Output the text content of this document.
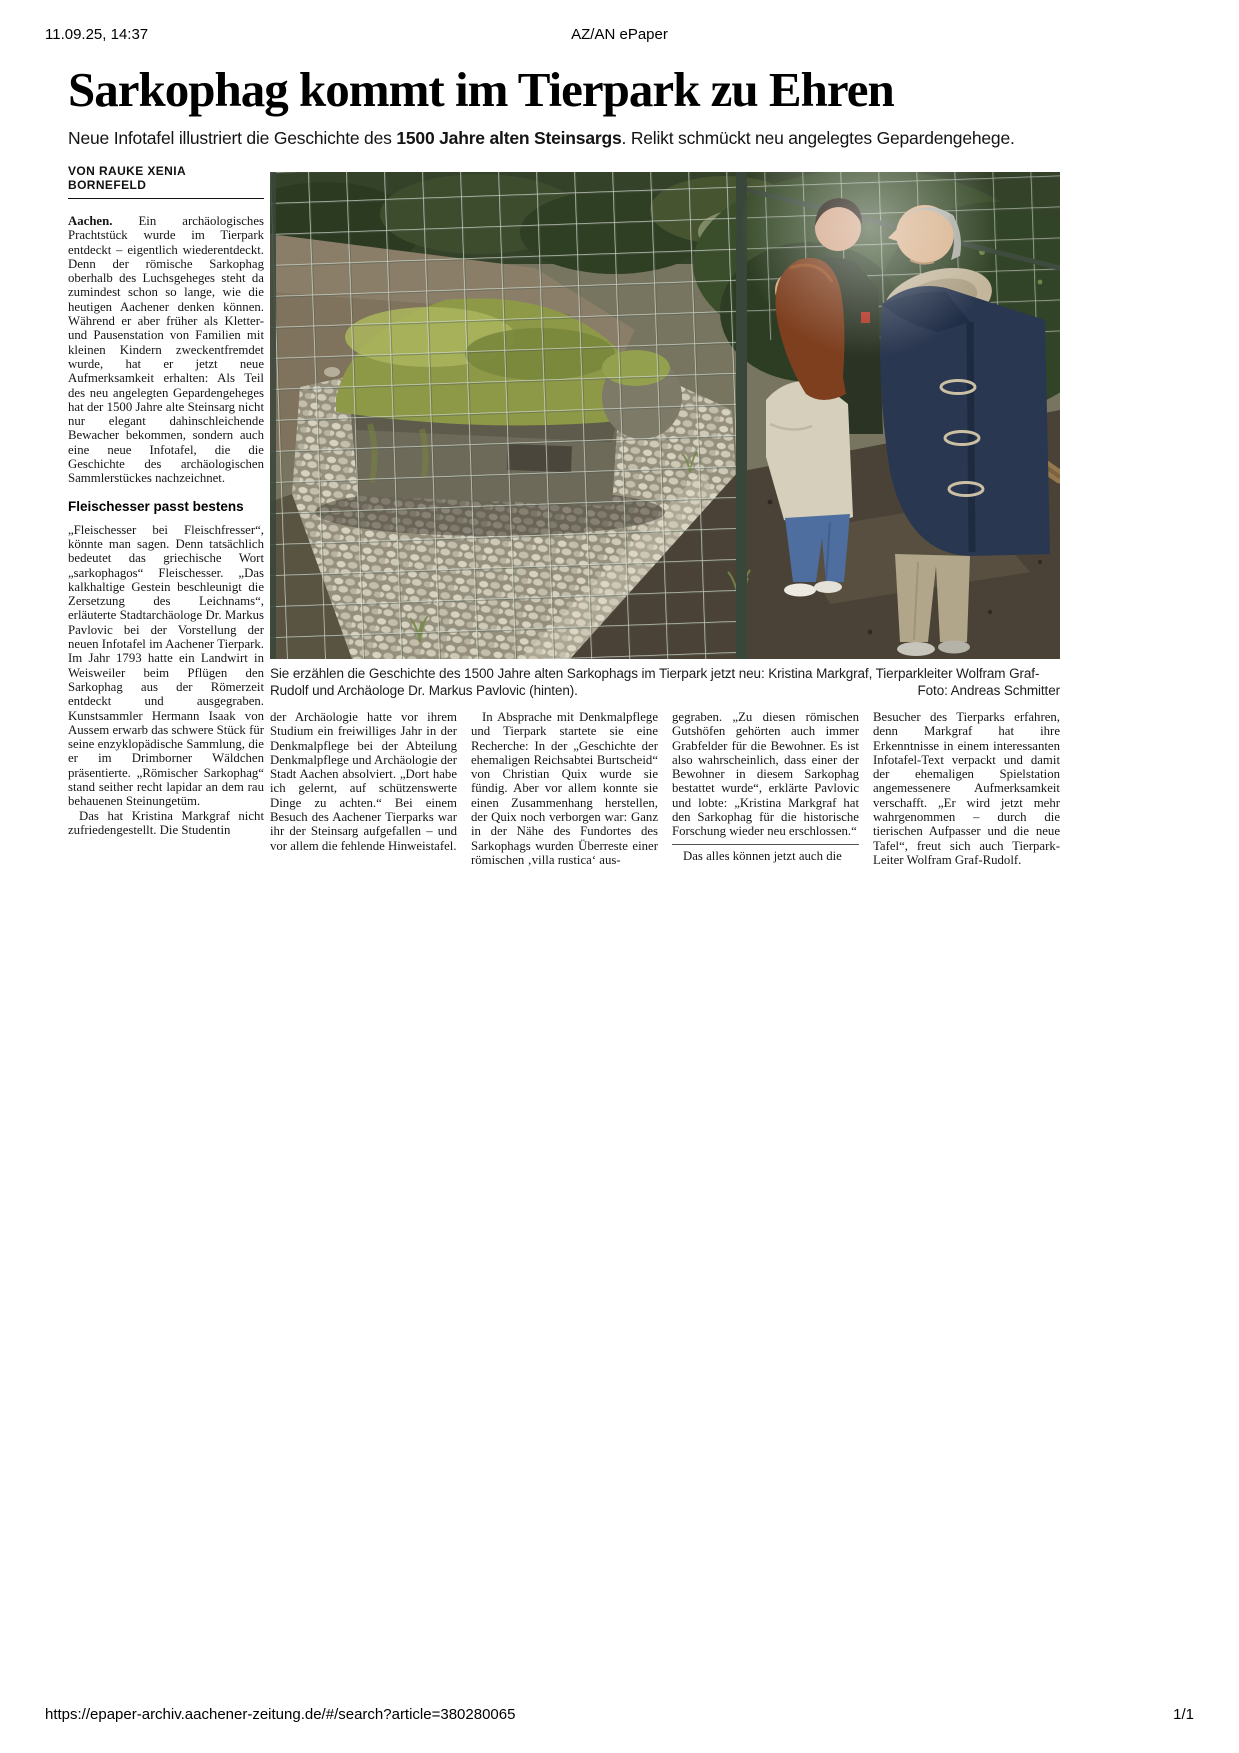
11.09.25, 14:37	AZ/AN ePaper
Sarkophag kommt im Tierpark zu Ehren

Neue Infotafel illustriert die Geschichte des 1500 Jahre alten Steinsargs. Relikt schmückt neu angelegtes Gepardengehege.

VON RAUKE XENIA BORNEFELD

Aachen. Ein archäologisches Prachtstück wurde im Tierpark entdeckt – eigentlich wiederentdeckt. Denn der römische Sarkophag oberhalb des Luchsgeheges steht da zumindest schon so lange, wie die heutigen Aachener denken können. Während er aber früher als Kletter- und Pausenstation von Familien mit kleinen Kindern zweckentfremdet wurde, hat er jetzt neue Aufmerksamkeit erhalten: Als Teil des neu angelegten Gepardengeheges hat der 1500 Jahre alte Steinsarg nicht nur elegant dahinschleichende Bewacher bekommen, sondern auch eine neue Infotafel, die die Geschichte des archäologischen Sammlerstückes nachzeichnet.

Fleischesser passt bestens

„Fleischesser bei Fleischfresser“, könnte man sagen. Denn tatsächlich bedeutet das griechische Wort „sarkophagos“ Fleischesser. „Das kalkhaltige Gestein beschleunigt die Zersetzung des Leichnams“, erläuterte Stadtarchäologe Dr. Markus Pavlovic bei der Vorstellung der neuen Infotafel im Aachener Tierpark. Im Jahr 1793 hatte ein Landwirt in Weisweiler beim Pflügen den Sarkophag aus der Römerzeit entdeckt und ausgegraben. Kunstsammler Hermann Isaak von Aussem erwarb das schwere Stück für seine enzyklopädische Sammlung, die er im Drimborner Wäldchen präsentierte. „Römischer Sarkophag“ stand seither recht lapidar an dem rau behauenen Steinungetüm.

Das hat Kristina Markgraf nicht zufriedengestellt. Die Studentin

Sie erzählen die Geschichte des 1500 Jahre alten Sarkophags im Tierpark jetzt neu: Kristina Markgraf, Tierparkleiter Wolfram Graf-Rudolf und Archäologe Dr. Markus Pavlovic (hinten).	Foto: Andreas Schmitter

der Archäologie hatte vor ihrem Studium ein freiwilliges Jahr in der Denkmalpflege bei der Abteilung Denkmalpflege und Archäologie der Stadt Aachen absolviert. „Dort habe ich gelernt, auf schützenswerte Dinge zu achten.“ Bei einem Besuch des Aachener Tierparks war ihr der Steinsarg aufgefallen – und vor allem die fehlende Hinweistafel.

In Absprache mit Denkmalpflege und Tierpark startete sie eine Recherche: In der „Geschichte der ehemaligen Reichsabtei Burtscheid“ von Christian Quix wurde sie fündig. Aber vor allem konnte sie einen Zusammenhang herstellen, der Quix noch verborgen war: Ganz in der Nähe des Fundortes des Sarkophags wurden Überreste einer römischen ‚villa rustica‘ aus-

gegraben. „Zu diesen römischen Gutshöfen gehörten auch immer Grabfelder für die Bewohner. Es ist also wahrscheinlich, dass einer der Bewohner in diesem Sarkophag bestattet wurde“, erklärte Pavlovic und lobte: „Kristina Markgraf hat den Sarkophag für die historische Forschung wieder neu erschlossen.“

Das alles können jetzt auch die

Besucher des Tierparks erfahren, denn Markgraf hat ihre Erkenntnisse in einem interessanten Infotafel-Text verpackt und damit der ehemaligen Spielstation angemessenere Aufmerksamkeit verschafft. „Er wird jetzt mehr wahrgenommen – durch die tierischen Aufpasser und die neue Tafel“, freut sich auch Tierpark-Leiter Wolfram Graf-Rudolf.

https://epaper-archiv.aachener-zeitung.de/#/search?article=380280065	1/1
